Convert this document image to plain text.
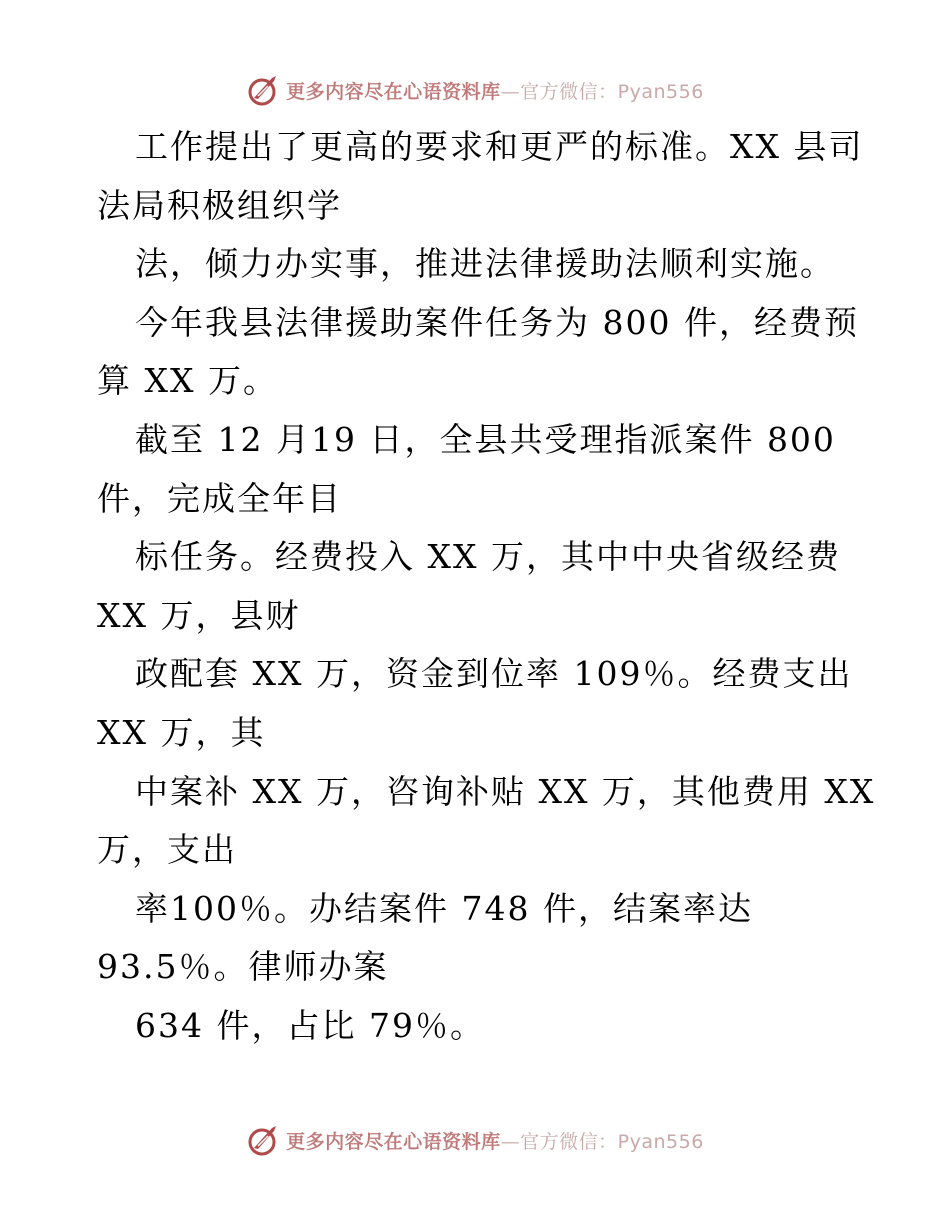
更多内容尽在心语资料库—官方微信：Pyan556

工作提出了更高的要求和更严的标准。XX 县司

法局积极组织学

法，倾力办实事，推进法律援助法顺利实施。

今年我县法律援助案件任务为 800 件，经费预

算 XX 万。

截至 12 月19 日，全县共受理指派案件 800

件，完成全年目

标任务。经费投入 XX 万，其中中央省级经费

XX 万，县财

政配套 XX 万，资金到位率 109％。经费支出

XX 万，其

中案补 XX 万，咨询补贴 XX 万，其他费用 XX

万，支出

率100％。办结案件 748 件，结案率达

93.5％。律师办案

634 件，占比 79％。

更多内容尽在心语资料库—官方微信：Pyan556
